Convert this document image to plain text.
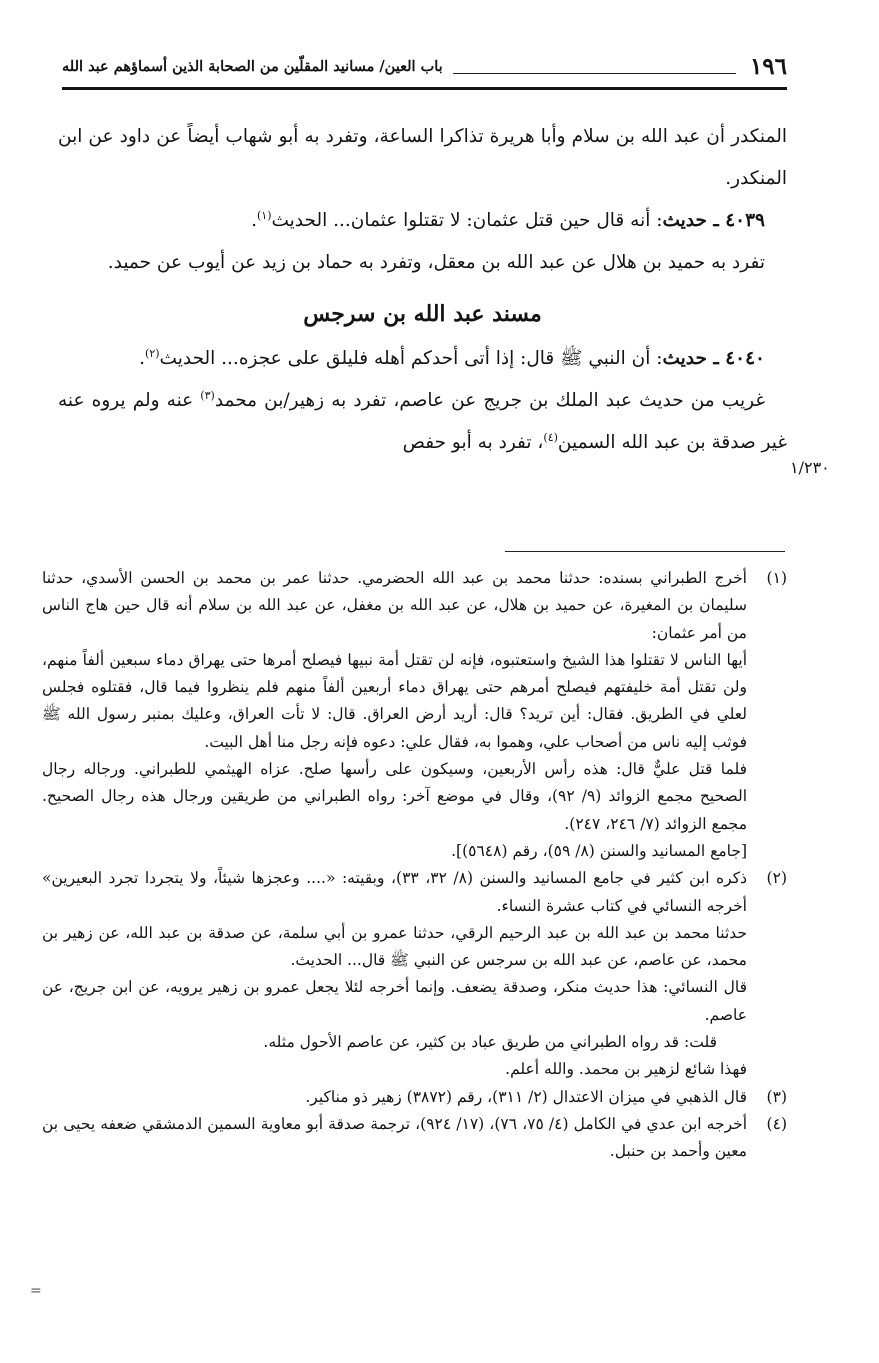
١٩٦
باب العين/ مسانيد المقلّين من الصحابة الذين أسماؤهم عبد الله

المنكدر أن عبد الله بن سلام وأبا هريرة تذاكرا الساعة، وتفرد به أبو شهاب أيضاً عن داود عن ابن المنكدر.

٤٠٣٩ ـ حديث: أنه قال حين قتل عثمان: لا تقتلوا عثمان... الحديث$^{(١)}$.

تفرد به حميد بن هلال عن عبد الله بن معقل، وتفرد به حماد بن زيد عن أيوب عن حميد.

مسند عبد الله بن سرجس

٤٠٤٠ ـ حديث: أن النبي ﷺ قال: إذا أتى أحدكم أهله فليلق على عجزه... الحديث$^{(٢)}$.

غريب من حديث عبد الملك بن جريج عن عاصم، تفرد به زهير/بن محمد$^{(٣)}$ عنه ولم يروه عنه غير صدقة بن عبد الله السمين$^{(٤)}$، تفرد به أبو حفص

١/٢٣٠
(١)

أخرج الطبراني بسنده: حدثنا محمد بن عبد الله الحضرمي. حدثنا عمر بن محمد بن الحسن الأسدي، حدثنا سليمان بن المغيرة، عن حميد بن هلال، عن عبد الله بن مغفل، عن عبد الله بن سلام أنه قال حين هاج الناس من أمر عثمان:

أيها الناس لا تقتلوا هذا الشيخ واستعتبوه، فإنه لن تقتل أمة نبيها فيصلح أمرها حتى يهراق دماء سبعين ألفاً منهم، ولن تقتل أمة خليفتهم فيصلح أمرهم حتى يهراق دماء أربعين ألفاً منهم فلم ينظروا فيما قال، فقتلوه فجلس لعلي في الطريق. فقال: أين تريد؟ قال: أريد أرض العراق. قال: لا تأت العراق، وعليك بمنبر رسول الله ﷺ فوثب إليه ناس من أصحاب علي، وهموا به، فقال علي: دعوه فإنه رجل منا أهل البيت.

فلما قتل عليٌّ قال: هذه رأس الأربعين، وسيكون على رأسها صلح. عزاه الهيثمي للطبراني. ورجاله رجال الصحيح مجمع الزوائد (٩/ ٩٢)، وقال في موضع آخر: رواه الطبراني من طريقين ورجال هذه رجال الصحيح. مجمع الزوائد (٧/ ٢٤٦، ٢٤٧).

[جامع المسانيد والسنن (٨/ ٥٩)، رقم (٥٦٤٨)].

(٢)

ذكره ابن كثير في جامع المسانيد والسنن (٨/ ٣٢، ٣٣)، وبقيته: «.... وعجزها شيئاً، ولا يتجردا تجرد البعيرين» أخرجه النسائي في كتاب عشرة النساء.

حدثنا محمد بن عبد الله بن عبد الرحيم الرقي، حدثنا عمرو بن أبي سلمة، عن صدقة بن عبد الله، عن زهير بن محمد، عن عاصم، عن عبد الله بن سرجس عن النبي ﷺ قال... الحديث.

قال النسائي: هذا حديث منكر، وصدقة يضعف. وإنما أخرجه لئلا يجعل عمرو بن زهير يرويه، عن ابن جريج، عن عاصم.

قلت: قد رواه الطبراني من طريق عباد بن كثير، عن عاصم الأحول مثله.

فهذا شائع لزهير بن محمد. والله أعلم.

(٣)

قال الذهبي في ميزان الاعتدال (٢/ ٣١١)، رقم (٣٨٧٢) زهير ذو مناكير.

(٤)

أخرجه ابن عدي في الكامل (٤/ ٧٥، ٧٦)، (١٧/ ٩٢٤)، ترجمة صدقة أبو معاوية السمين الدمشقي ضعفه يحيى بن معين وأحمد بن حنبل.

=
